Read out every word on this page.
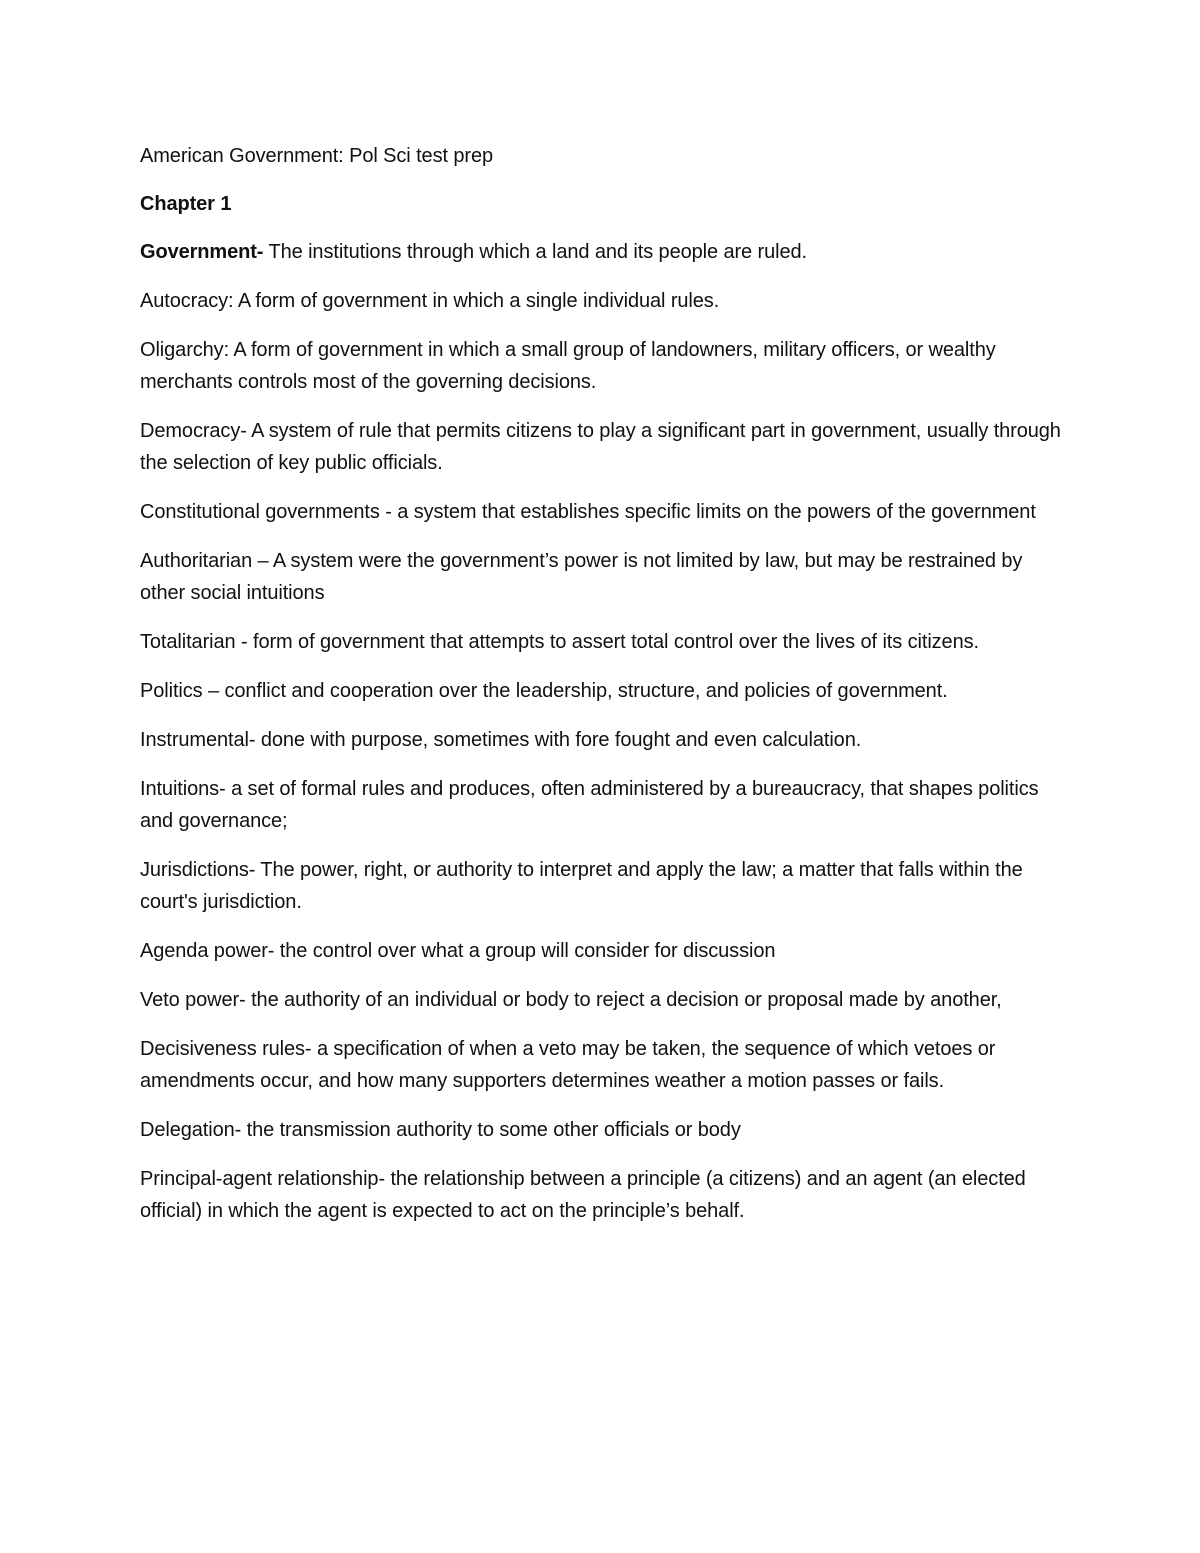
American Government: Pol Sci test prep

Chapter 1

Government- The institutions through which a land and its people are ruled.

Autocracy: A form of government in which a single individual rules.

Oligarchy: A form of government in which a small group of landowners, military officers, or wealthy merchants controls most of the governing decisions.

Democracy- A system of rule that permits citizens to play a significant part in government, usually through the selection of key public officials.

Constitutional governments - a system that establishes specific limits on the powers of the government

Authoritarian – A system were the government’s power is not limited by law, but may be restrained by other social intuitions

Totalitarian - form of government that attempts to assert total control over the lives of its citizens.

Politics – conflict and cooperation over the leadership, structure, and policies of government.

Instrumental- done with purpose, sometimes with fore fought and even calculation.

Intuitions- a set of formal rules and produces, often administered by a bureaucracy, that shapes politics and governance;

Jurisdictions- The power, right, or authority to interpret and apply the law; a matter that falls within the court's jurisdiction.

Agenda power- the control over what a group will consider for discussion

Veto power- the authority of an individual or body to reject a decision or proposal made by another,

Decisiveness rules- a specification of when a veto may be taken, the sequence of which vetoes or amendments occur, and how many supporters determines weather a motion passes or fails.

Delegation- the transmission authority to some other officials or body

Principal-agent relationship- the relationship between a principle (a citizens) and an agent (an elected official) in which the agent is expected to act on the principle’s behalf.
